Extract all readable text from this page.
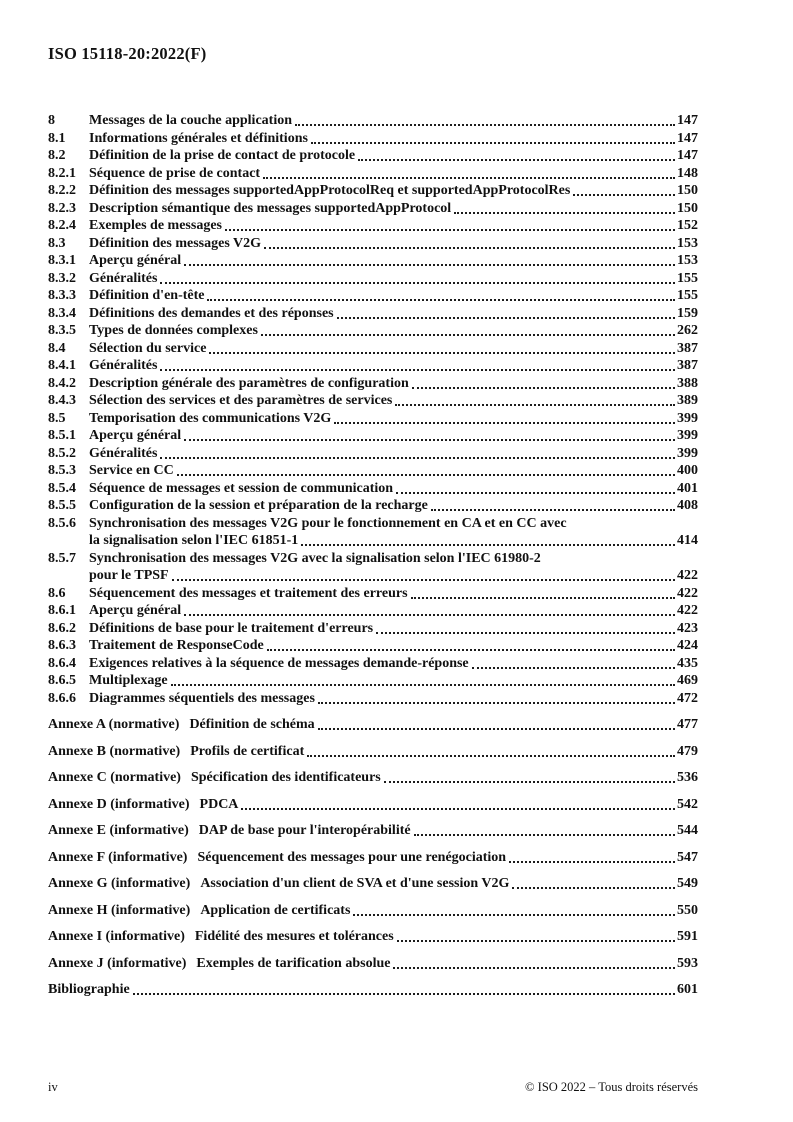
ISO 15118-20:2022(F)
8	Messages de la couche application	147
8.1	Informations générales et définitions	147
8.2	Définition de la prise de contact de protocole	147
8.2.1 Séquence de prise de contact	148
8.2.2 Définition des messages supportedAppProtocolReq et supportedAppProtocolRes	150
8.2.3 Description sémantique des messages supportedAppProtocol	150
8.2.4 Exemples de messages	152
8.3	Définition des messages V2G	153
8.3.1 Aperçu général	153
8.3.2 Généralités	155
8.3.3 Définition d'en-tête	155
8.3.4 Définitions des demandes et des réponses	159
8.3.5 Types de données complexes	262
8.4	Sélection du service	387
8.4.1 Généralités	387
8.4.2 Description générale des paramètres de configuration	388
8.4.3 Sélection des services et des paramètres de services	389
8.5	Temporisation des communications V2G	399
8.5.1 Aperçu général	399
8.5.2 Généralités	399
8.5.3 Service en CC	400
8.5.4 Séquence de messages et session de communication	401
8.5.5 Configuration de la session et préparation de la recharge	408
8.5.6 Synchronisation des messages V2G pour le fonctionnement en CA et en CC avec
la signalisation selon l'IEC 61851-1	414
8.5.7 Synchronisation des messages V2G avec la signalisation selon l'IEC 61980-2
pour le TPSF	422
8.6	Séquencement des messages et traitement des erreurs	422
8.6.1 Aperçu général	422
8.6.2 Définitions de base pour le traitement d'erreurs	423
8.6.3 Traitement de ResponseCode	424
8.6.4 Exigences relatives à la séquence de messages demande-réponse	435
8.6.5 Multiplexage	469
8.6.6 Diagrammes séquentiels des messages	472
Annexe A (normative) Définition de schéma	477
Annexe B (normative) Profils de certificat	479
Annexe C (normative) Spécification des identificateurs	536
Annexe D (informative) PDCA	542
Annexe E (informative) DAP de base pour l'interopérabilité	544
Annexe F (informative) Séquencement des messages pour une renégociation	547
Annexe G (informative) Association d'un client de SVA et d'une session V2G	549
Annexe H (informative) Application de certificats	550
Annexe I (informative) Fidélité des mesures et tolérances	591
Annexe J (informative) Exemples de tarification absolue	593
Bibliographie	601
iv	© ISO 2022 – Tous droits réservés
